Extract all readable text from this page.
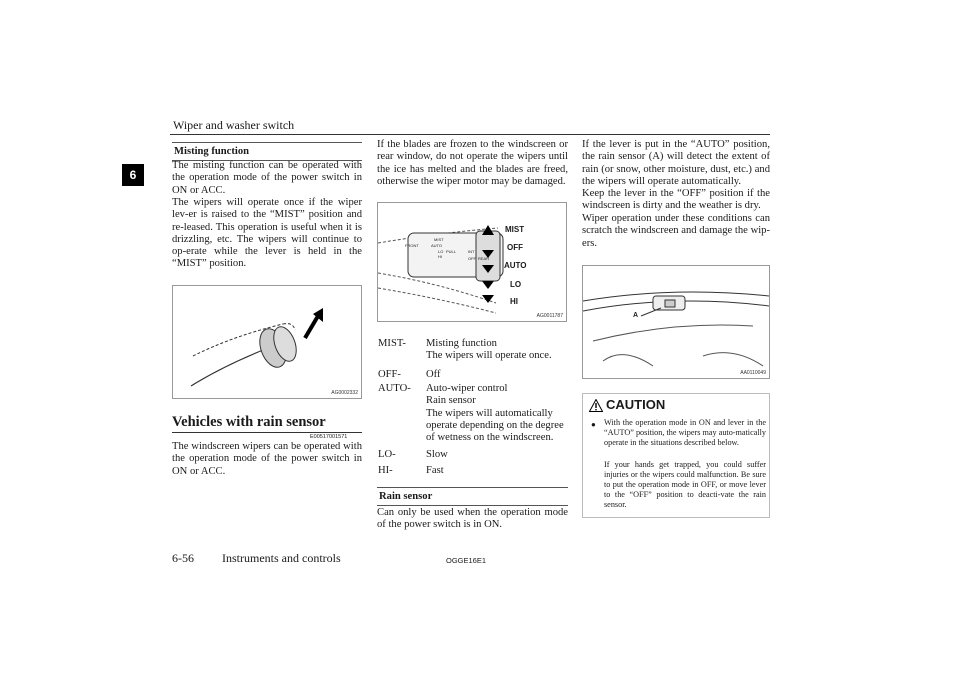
Wiper and washer switch
6
Misting function

The misting function can be operated with the operation mode of the power switch in ON or ACC.

The wipers will operate once if the wiper lev-er is raised to the “MIST” position and re-leased. This operation is useful when it is drizzling, etc. The wipers will continue to op-erate while the lever is held in the “MIST” position.

AG0002332
Vehicles with rain sensor
E00517001571

The windscreen wipers can be operated with the operation mode of the power switch in ON or ACC.

If the blades are frozen to the windscreen or rear window, do not operate the wipers until the ice has melted and the blades are freed, otherwise the wiper motor may be damaged.

FRONT
MIST
AUTO
LO
HI
PULL	INT
OFF REAR
MIST
OFF
AUTO
LO
HI
AG0011787
MIST- Misting function
The wipers will operate once.
OFF- Off
AUTO- Auto-wiper control
Rain sensor
The wipers will automatically
operate depending on the degree
of wetness on the windscreen.
LO-	Slow
HI-	Fast
Rain sensor

Can only be used when the operation mode of the power switch is in ON.

If the lever is put in the “AUTO” position, the rain sensor (A) will detect the extent of rain (or snow, other moisture, dust, etc.) and the wipers will operate automatically.

Keep the lever in the “OFF” position if the windscreen is dirty and the weather is dry.

Wiper operation under these conditions can scratch the windscreen and damage the wip-ers.

A
AA0110049
CAUTION
● With the operation mode in ON and lever in the “AUTO” position, the wipers may auto-matically operate in the situations described below.

If your hands get trapped, you could suffer injuries or the wipers could malfunction. Be sure to put the operation mode in OFF, or move lever to the “OFF” position to deacti-vate the rain sensor.

6-56 Instruments and controls	OGGE16E1
